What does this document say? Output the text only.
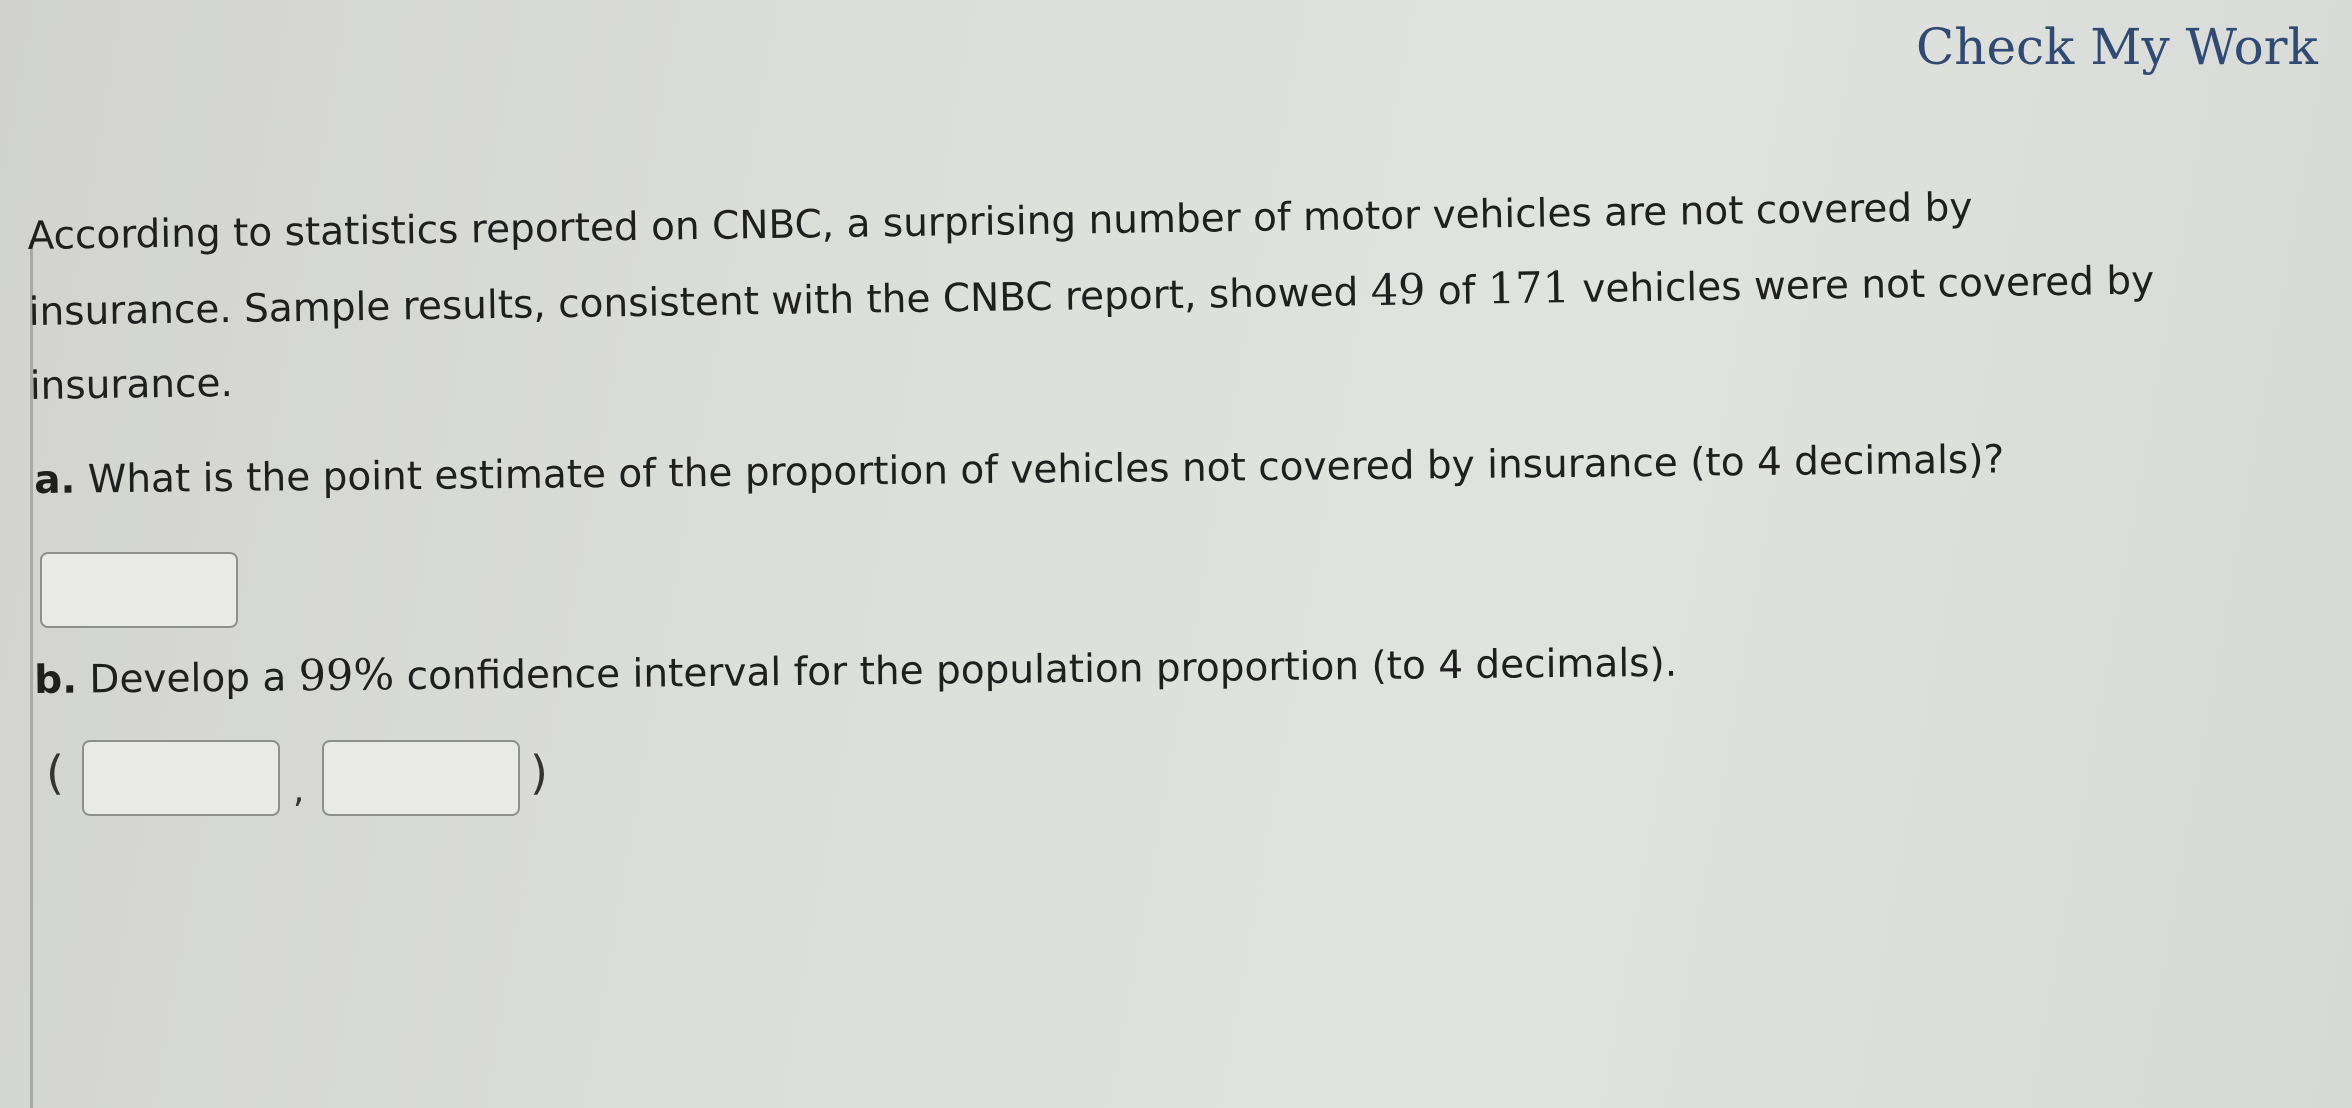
Check My Work

According to statistics reported on CNBC, a surprising number of motor vehicles are not covered by

insurance. Sample results, consistent with the CNBC report, showed 49 of 171 vehicles were not covered by

insurance.

a. What is the point estimate of the proportion of vehicles not covered by insurance (to 4 decimals)?
b. Develop a 99% confidence interval for the population proportion (to 4 decimals).
(	,	)
